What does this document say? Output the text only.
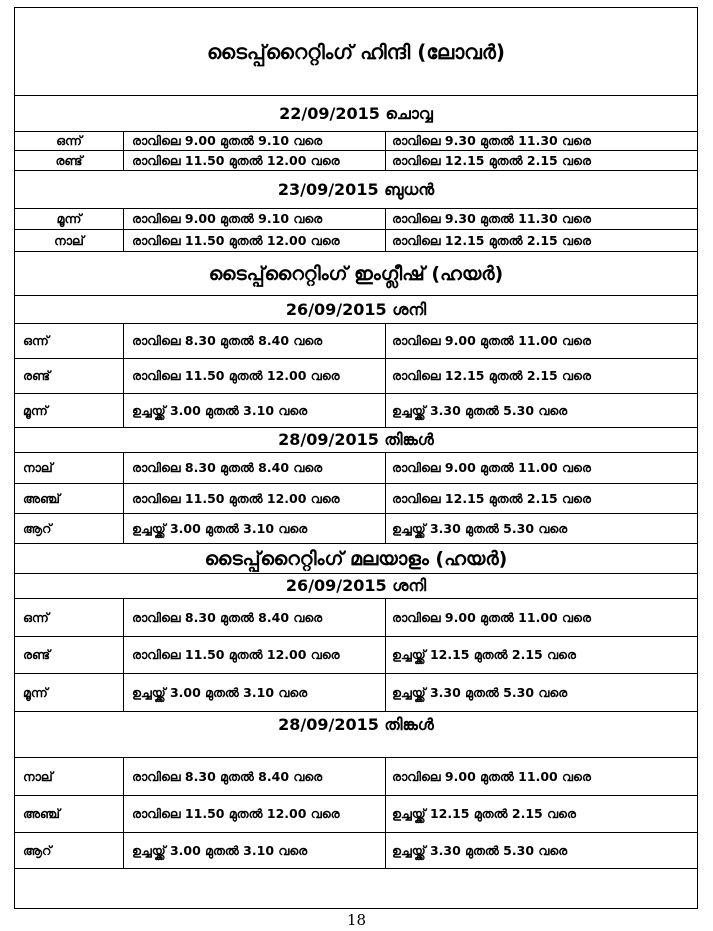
ടൈപ്പ്‌റൈറ്റിംഗ് ഹിന്ദി (ലോവർ)
22/09/2015 ചൊവ്വ
ഒന്ന്	രാവിലെ 9.00 മുതൽ 9.10 വരെ	രാവിലെ 9.30 മുതൽ 11.30 വരെ
രണ്ട്	രാവിലെ 11.50 മുതൽ 12.00 വരെ	രാവിലെ 12.15 മുതൽ 2.15 വരെ
23/09/2015 ബുധൻ
മൂന്ന്	രാവിലെ 9.00 മുതൽ 9.10 വരെ	രാവിലെ 9.30 മുതൽ 11.30 വരെ
നാല്	രാവിലെ 11.50 മുതൽ 12.00 വരെ	രാവിലെ 12.15 മുതൽ 2.15 വരെ
ടൈപ്പ്‌റൈറ്റിംഗ് ഇംഗ്ലീഷ് (ഹയർ)
26/09/2015 ശനി
ഒന്ന്	രാവിലെ 8.30 മുതൽ 8.40 വരെ	രാവിലെ 9.00 മുതൽ 11.00 വരെ
രണ്ട്	രാവിലെ 11.50 മുതൽ 12.00 വരെ	രാവിലെ 12.15 മുതൽ 2.15 വരെ
മൂന്ന്	ഉച്ചയ്ക്ക് 3.00 മുതൽ 3.10 വരെ	ഉച്ചയ്ക്ക് 3.30 മുതൽ 5.30 വരെ
28/09/2015 തിങ്കൾ
നാല്	രാവിലെ 8.30 മുതൽ 8.40 വരെ	രാവിലെ 9.00 മുതൽ 11.00 വരെ
അഞ്ച്	രാവിലെ 11.50 മുതൽ 12.00 വരെ	രാവിലെ 12.15 മുതൽ 2.15 വരെ
ആറ്	ഉച്ചയ്ക്ക് 3.00 മുതൽ 3.10 വരെ	ഉച്ചയ്ക്ക് 3.30 മുതൽ 5.30 വരെ
ടൈപ്പ്‌റൈറ്റിംഗ് മലയാളം (ഹയർ)
26/09/2015 ശനി
ഒന്ന്	രാവിലെ 8.30 മുതൽ 8.40 വരെ	രാവിലെ 9.00 മുതൽ 11.00 വരെ
രണ്ട്	രാവിലെ 11.50 മുതൽ 12.00 വരെ	ഉച്ചയ്ക്ക് 12.15 മുതൽ 2.15 വരെ
മൂന്ന്	ഉച്ചയ്ക്ക് 3.00 മുതൽ 3.10 വരെ	ഉച്ചയ്ക്ക് 3.30 മുതൽ 5.30 വരെ
28/09/2015 തിങ്കൾ
നാല്	രാവിലെ 8.30 മുതൽ 8.40 വരെ	രാവിലെ 9.00 മുതൽ 11.00 വരെ
അഞ്ച്	രാവിലെ 11.50 മുതൽ 12.00 വരെ	ഉച്ചയ്ക്ക് 12.15 മുതൽ 2.15 വരെ
ആറ്	ഉച്ചയ്ക്ക് 3.00 മുതൽ 3.10 വരെ	ഉച്ചയ്ക്ക് 3.30 മുതൽ 5.30 വരെ
18
